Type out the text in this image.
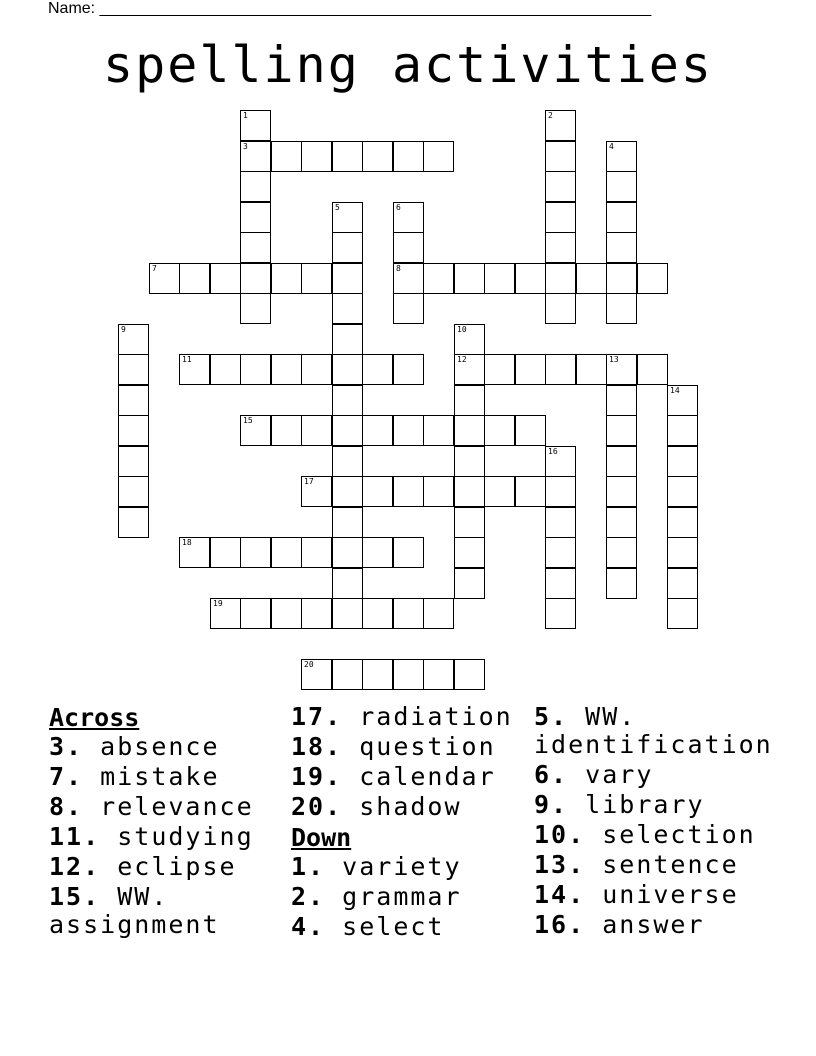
Name: ______________________________________________________________
spelling activities
3
7	8
11	12	13
15
17
18
19
20
1	2
4
5	6
9	10
14
16
Across
3. absence
7. mistake
8. relevance
11. studying
12. eclipse
15. WW. assignment
17. radiation
18. question
19. calendar
20. shadow
Down
1. variety
2. grammar
4. select
5. WW. identification
6. vary
9. library
10. selection
13. sentence
14. universe
16. answer
